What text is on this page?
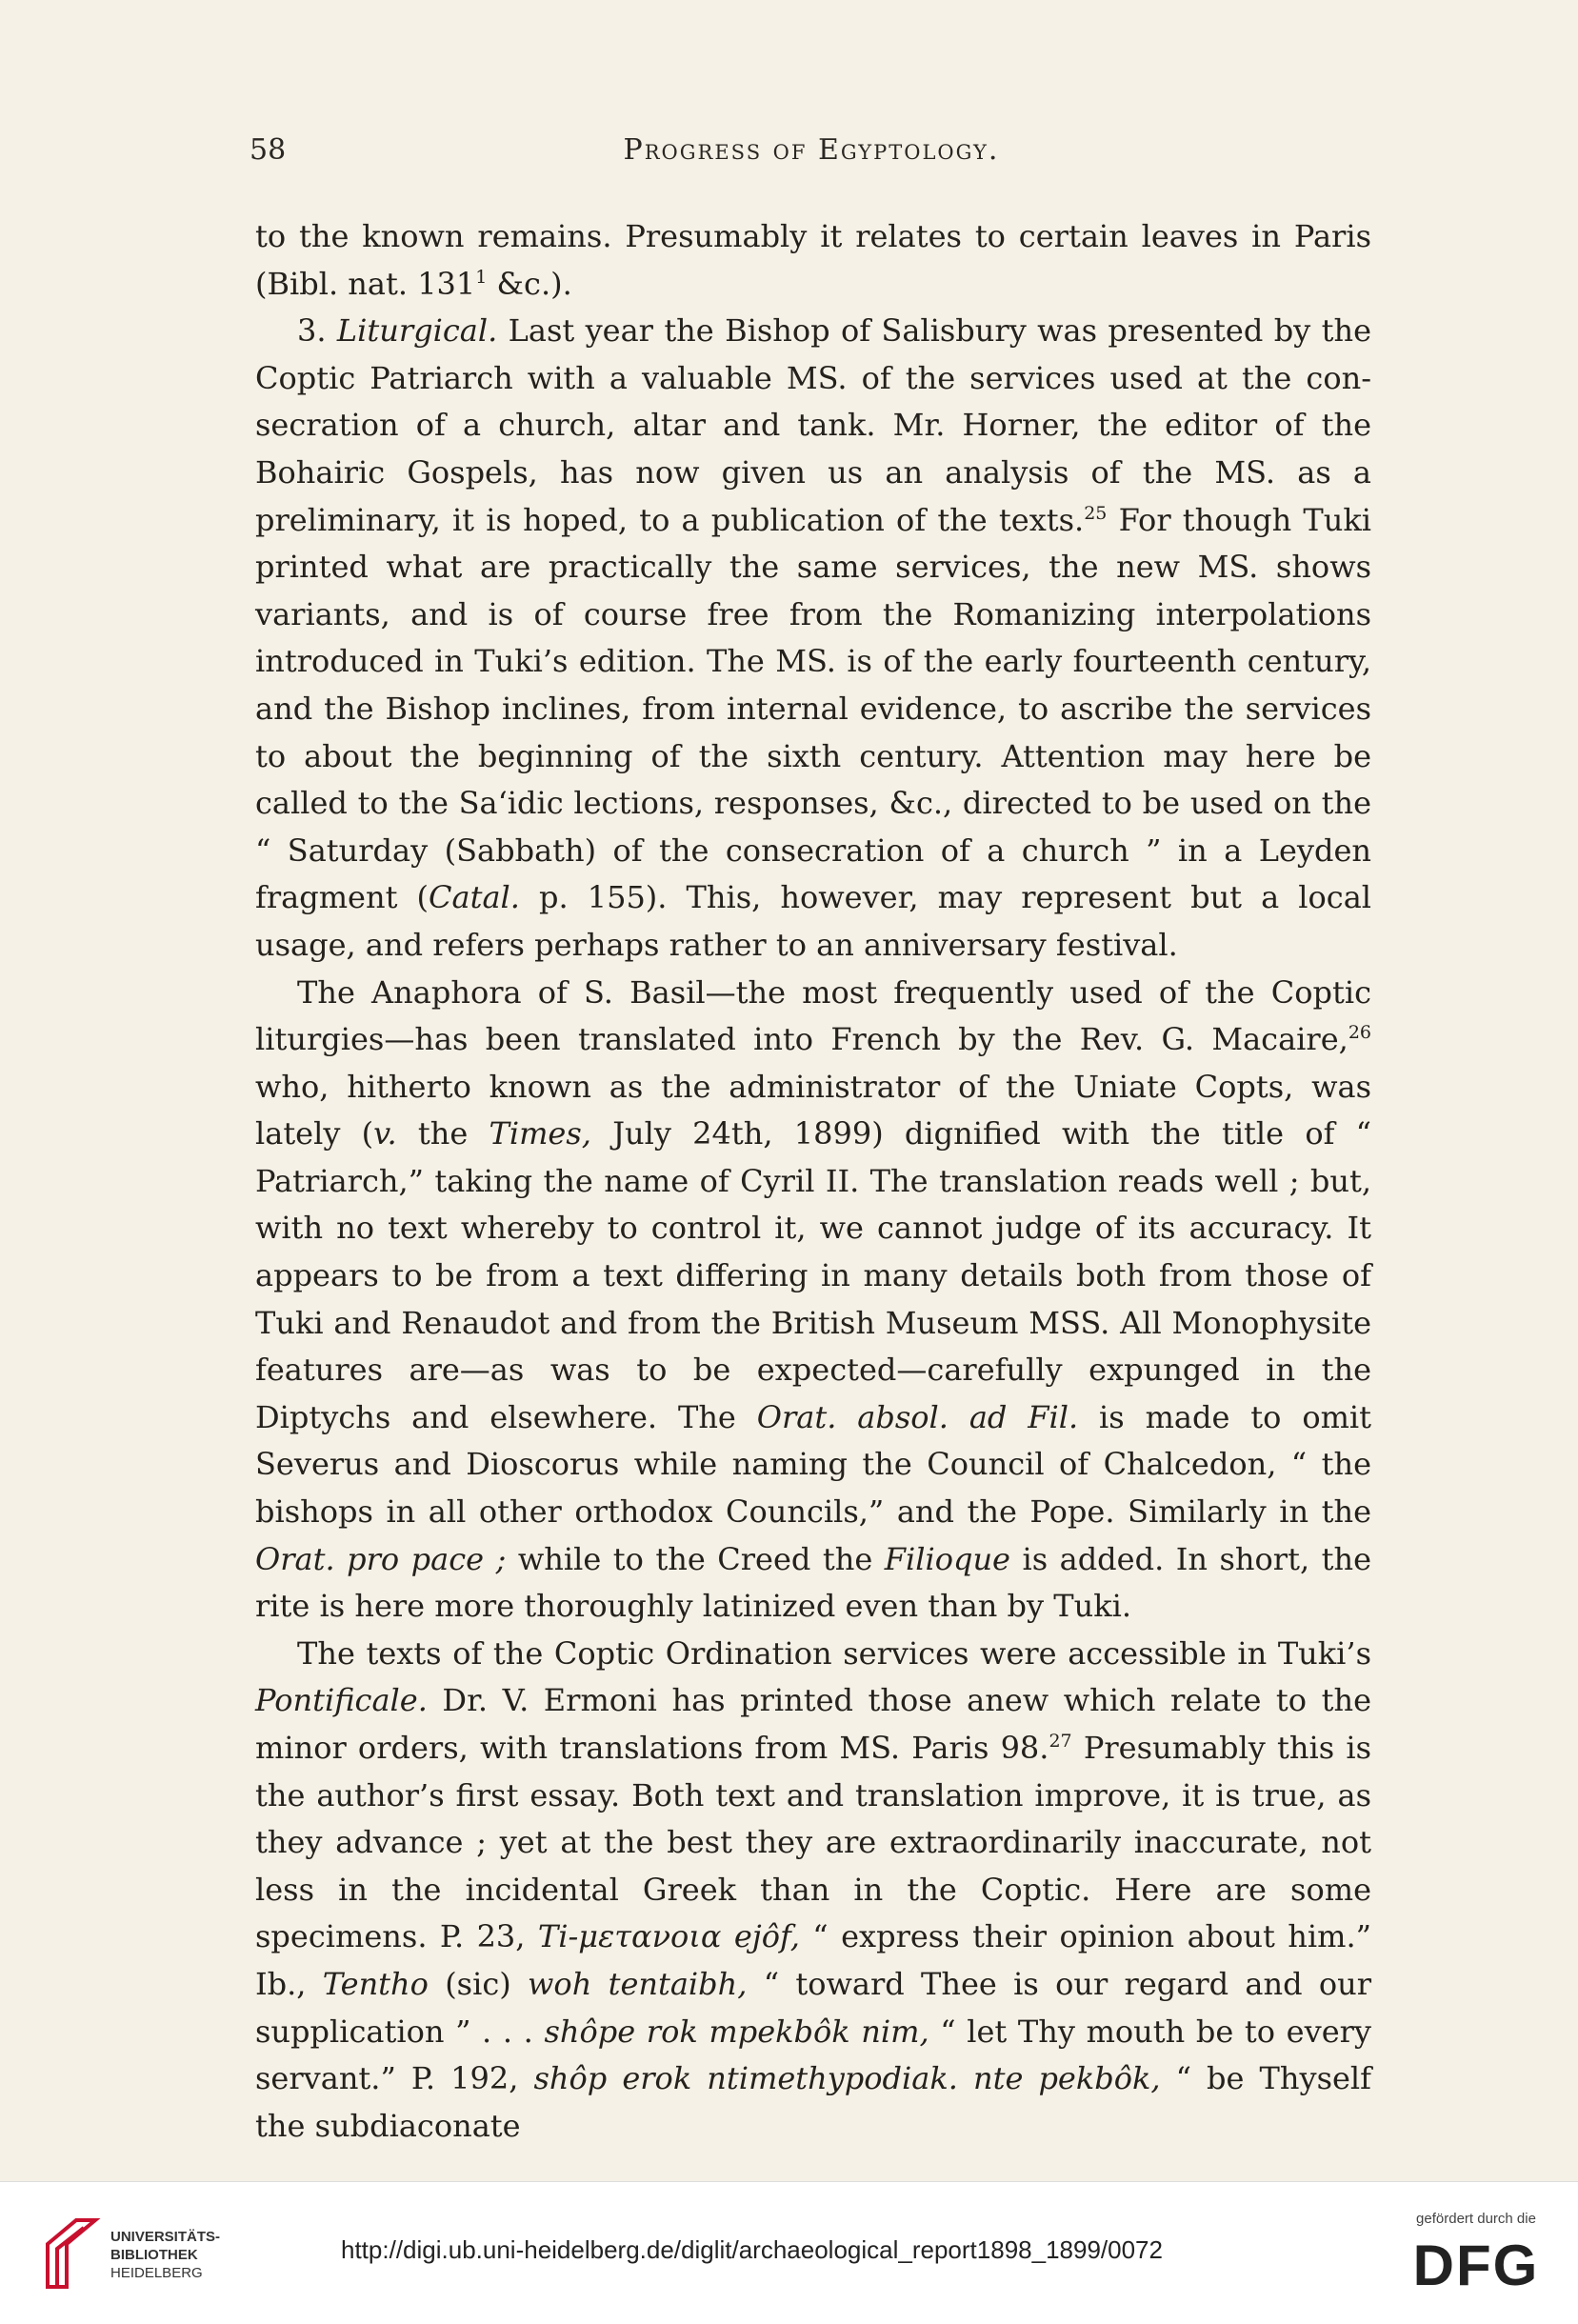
58	Progress of Egyptology.

to the known remains. Presumably it relates to certain leaves in Paris (Bibl. nat. $131^1$ &c.).

3. Liturgical. Last year the Bishop of Salisbury was presented by the Coptic Patriarch with a valuable MS. of the services used at the consecration of a church, altar and tank. Mr. Horner, the editor of the Bohairic Gospels, has now given us an analysis of the MS. as a preliminary, it is hoped, to a publication of the texts.$^{25}$ For though Tuki printed what are practically the same services, the new MS. shows variants, and is of course free from the Romanizing interpolations introduced in Tuki’s edition. The MS. is of the early fourteenth century, and the Bishop inclines, from internal evidence, to ascribe the services to about the beginning of the sixth century. Attention may here be called to the Sa‘idic lections, responses, &c., directed to be used on the “ Saturday (Sabbath) of the consecration of a church ” in a Leyden fragment (Catal. p. 155). This, however, may represent but a local usage, and refers perhaps rather to an anniversary festival.

The Anaphora of S. Basil—the most frequently used of the Coptic liturgies—has been translated into French by the Rev. G. Macaire,$^{26}$ who, hitherto known as the administrator of the Uniate Copts, was lately (v. the Times, July 24th, 1899) dignified with the title of “ Patriarch,” taking the name of Cyril II. The translation reads well ; but, with no text whereby to control it, we cannot judge of its accuracy. It appears to be from a text differing in many details both from those of Tuki and Renaudot and from the British Museum MSS. All Monophysite features are—as was to be expected—carefully expunged in the Diptychs and elsewhere. The Orat. absol. ad Fil. is made to omit Severus and Dioscorus while naming the Council of Chalcedon, “ the bishops in all other orthodox Councils,” and the Pope. Similarly in the Orat. pro pace ; while to the Creed the Filioque is added. In short, the rite is here more thoroughly latinized even than by Tuki.

The texts of the Coptic Ordination services were accessible in Tuki’s Pontificale. Dr. V. Ermoni has printed those anew which relate to the minor orders, with translations from MS. Paris 98.27 Presumably this is the author’s first essay. Both text and translation improve, it is true, as they advance ; yet at the best they are extraordinarily inaccurate, not less in the incidental Greek than in the Coptic. Here are some specimens. P. 23, Ti-μετανοια ejôf, “ express their opinion about him.” Ib., Tentho (sic) woh tentaibh, “ toward Thee is our regard and our supplication ” . . . shôpe rok mpekbôk nim, “ let Thy mouth be to every servant.” P. 192, shôp erok ntimethypodiak. nte pekbôk, “ be Thyself the subdiaconate

UNIVERSITÄTS-
BIBLIOTHEK
HEIDELBERG
http://digi.ub.uni-heidelberg.de/diglit/archaeological_report1898_1899/0072
gefördert durch die
DFG
